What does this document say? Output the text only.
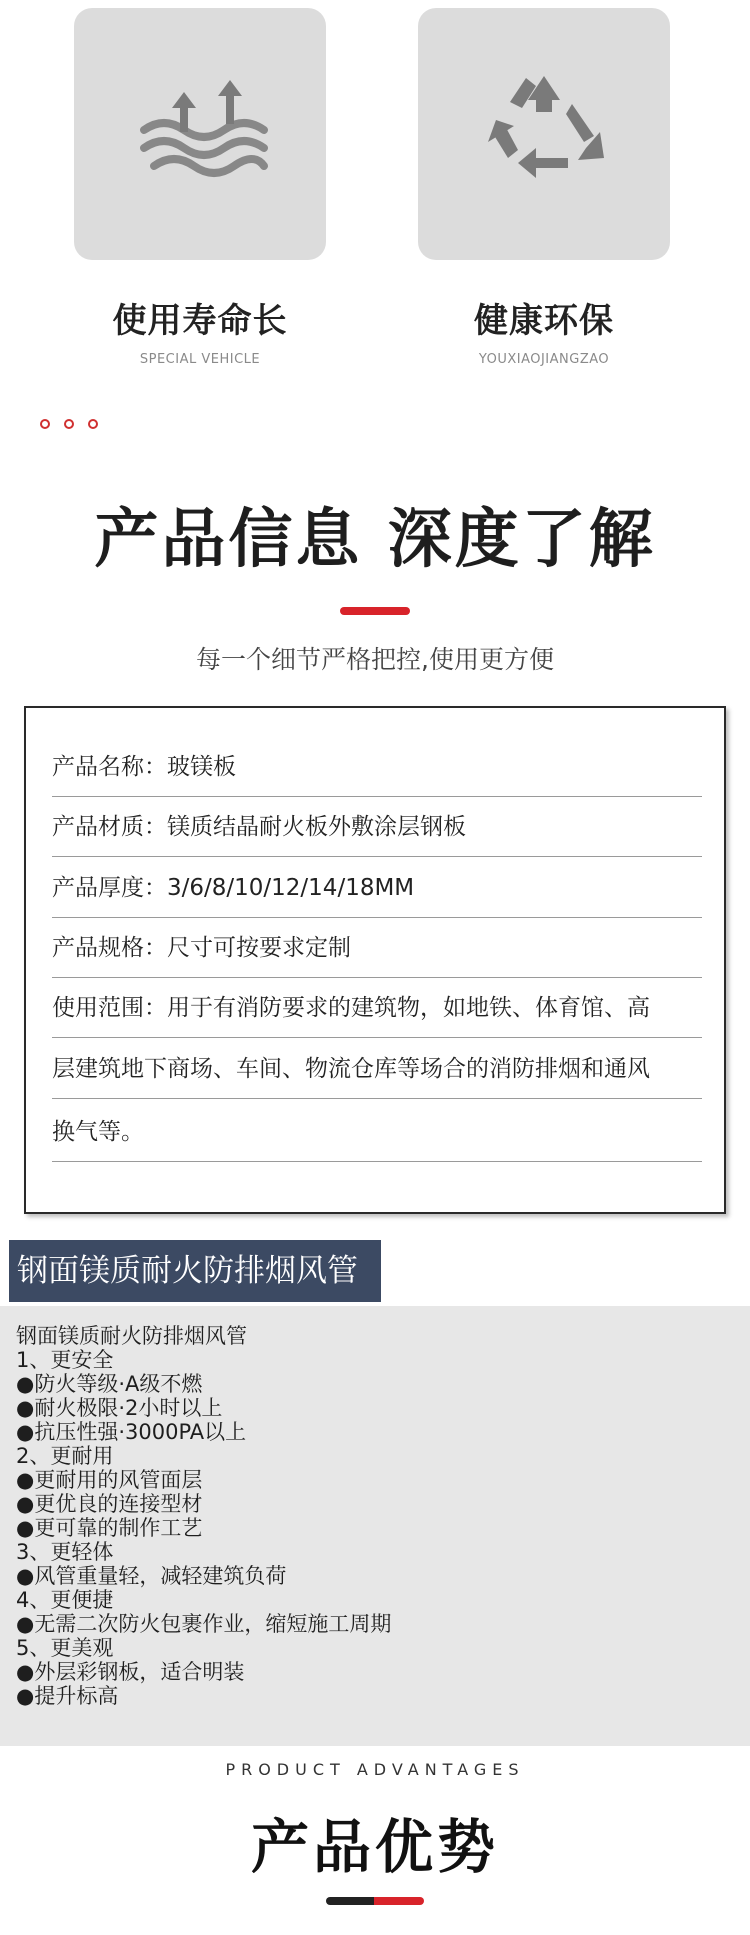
使用寿命长
SPECIAL VEHICLE
健康环保
YOUXIAOJIANGZAO
产品信息 深度了解
每一个细节严格把控,使用更方便
产品名称：玻镁板
产品材质：镁质结晶耐火板外敷涂层钢板
产品厚度：3/6/8/10/12/14/18MM
产品规格：尺寸可按要求定制
使用范围：用于有消防要求的建筑物，如地铁、体育馆、高
层建筑地下商场、车间、物流仓库等场合的消防排烟和通风
换气等。
钢面镁质耐火防排烟风管
钢面镁质耐火防排烟风管
1、更安全
●防火等级·A级不燃
●耐火极限·2小时以上
●抗压性强·3000PA以上
2、更耐用
●更耐用的风管面层
●更优良的连接型材
●更可靠的制作工艺
3、更轻体
●风管重量轻，减轻建筑负荷
4、更便捷
●无需二次防火包裹作业，缩短施工周期
5、更美观
●外层彩钢板，适合明装
●提升标高
PRODUCT ADVANTAGES
产品优势
